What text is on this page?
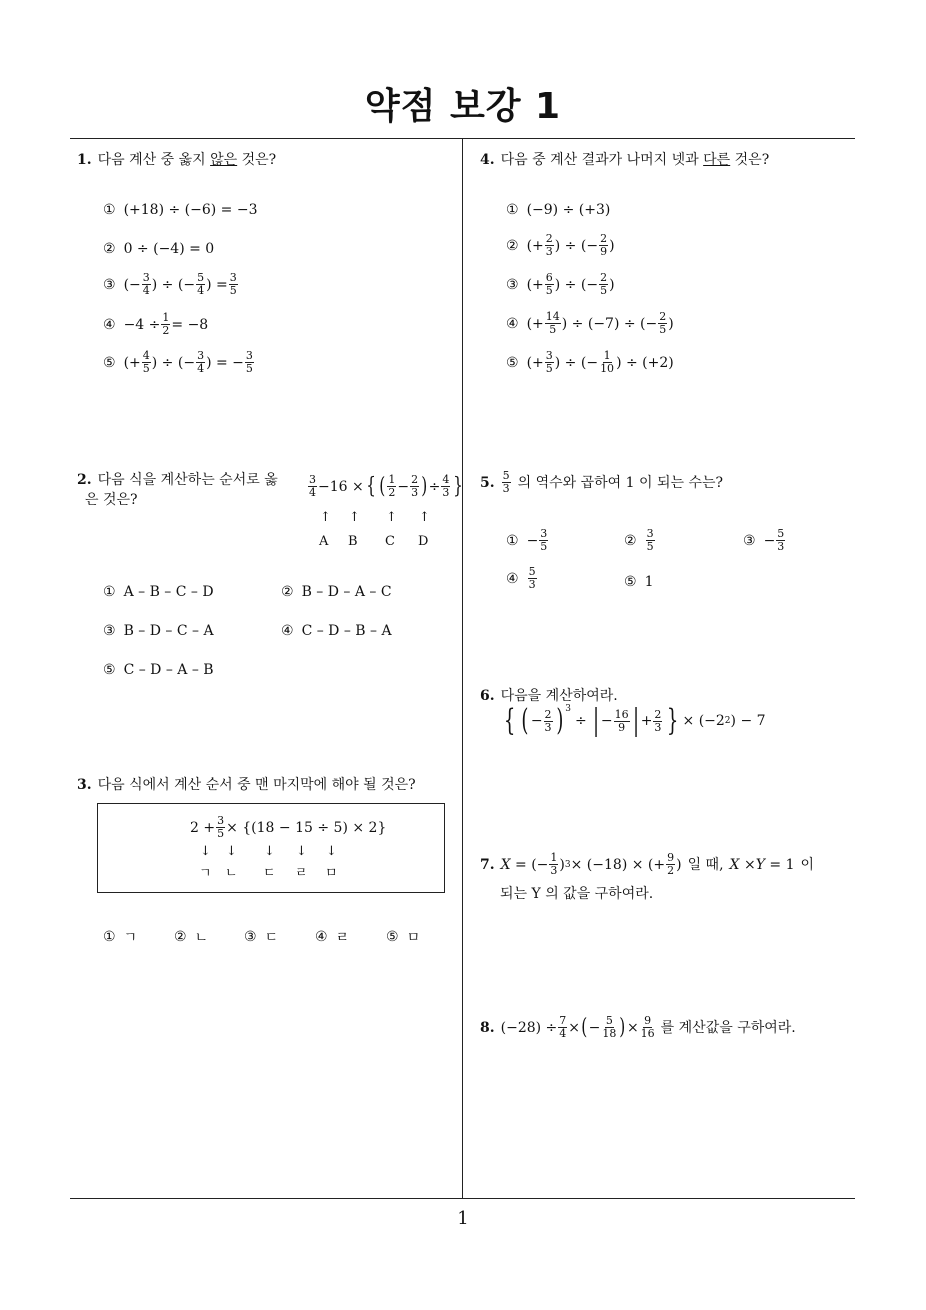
약점 보강 1
1
1. 다음 계산 중 옳지 않은 것은?
① (+18) ÷ (−6) = −3
② 0 ÷ (−4) = 0
③ (− $\frac{3}{4}$ ) ÷ (− $\frac{5}{4}$ ) = $\frac{3}{5}$
④ $-4 \div \frac{1}{2} = -8$
⑤ (+ $\frac{4}{5}$ ) ÷ (− $\frac{3}{4}$ ) = − $\frac{3}{5}$
2. 다음 식을 계산하는 순서로 옳
은 것은?
$\frac{3}{4} -16$ × { ( $\frac{1}{2} - \frac{2}{3}$ ) ÷ $\frac{4}{3}$ }
↑ ↑ ↑ ↑
A B C D
① A – B – C – D	② B – D – A – C
③ B – D – C – A	④ C – D – B – A
⑤ C – D – A – B
3. 다음 식에서 계산 순서 중 맨 마지막에 해야 될 것은?
$2 + \frac{3}{5} \times \{(18 - 15 \div 5) \times 2\}$
↓ ↓ ↓ ↓ ↓
ㄱ ㄴ ㄷ ㄹ ㅁ
① ㄱ	② ㄴ	③ ㄷ	④ ㄹ	⑤ ㅁ
4. 다음 중 계산 결과가 나머지 넷과 다른 것은?
① (−9) ÷ (+3)
② (+ $\frac{2}{3}$ ) ÷ (− $\frac{2}{9}$ )
③ (+ $\frac{6}{5}$ ) ÷ (− $\frac{2}{5}$ )
④ (+ $\frac{14}{5}$ ) ÷ (−7) ÷ (− $\frac{2}{5}$ )
⑤ (+ $\frac{3}{5}$ ) ÷ (− $\frac{1}{10}$ ) ÷ (+2)
5. $\frac{5}{3}$ 의 역수와 곱하여 1 이 되는 수는?
① − $\frac{3}{5}$	② $\frac{3}{5}$	③ − $\frac{5}{3}$
④ $\frac{5}{3}$	⑤ 1
6. 다음을 계산하여라.
{ ( − $\frac{2}{3}$ ) $^3$
÷ | − $\frac{16}{9}$ | + $\frac{2}{3}$ } × (−2 2 ) − 7
7. X = (− $\frac{1}{3}$ ) 3 × (−18) × (+ $\frac{9}{2}$ ) 일 때, X × Y = 1 이
되는 Y 의 값을 구하여라.
8. $(-28) \div \frac{7}{4}$ × ( − $\frac{5}{18}$ ) × $\frac{9}{16}$ 를 계산값을 구하여라.
